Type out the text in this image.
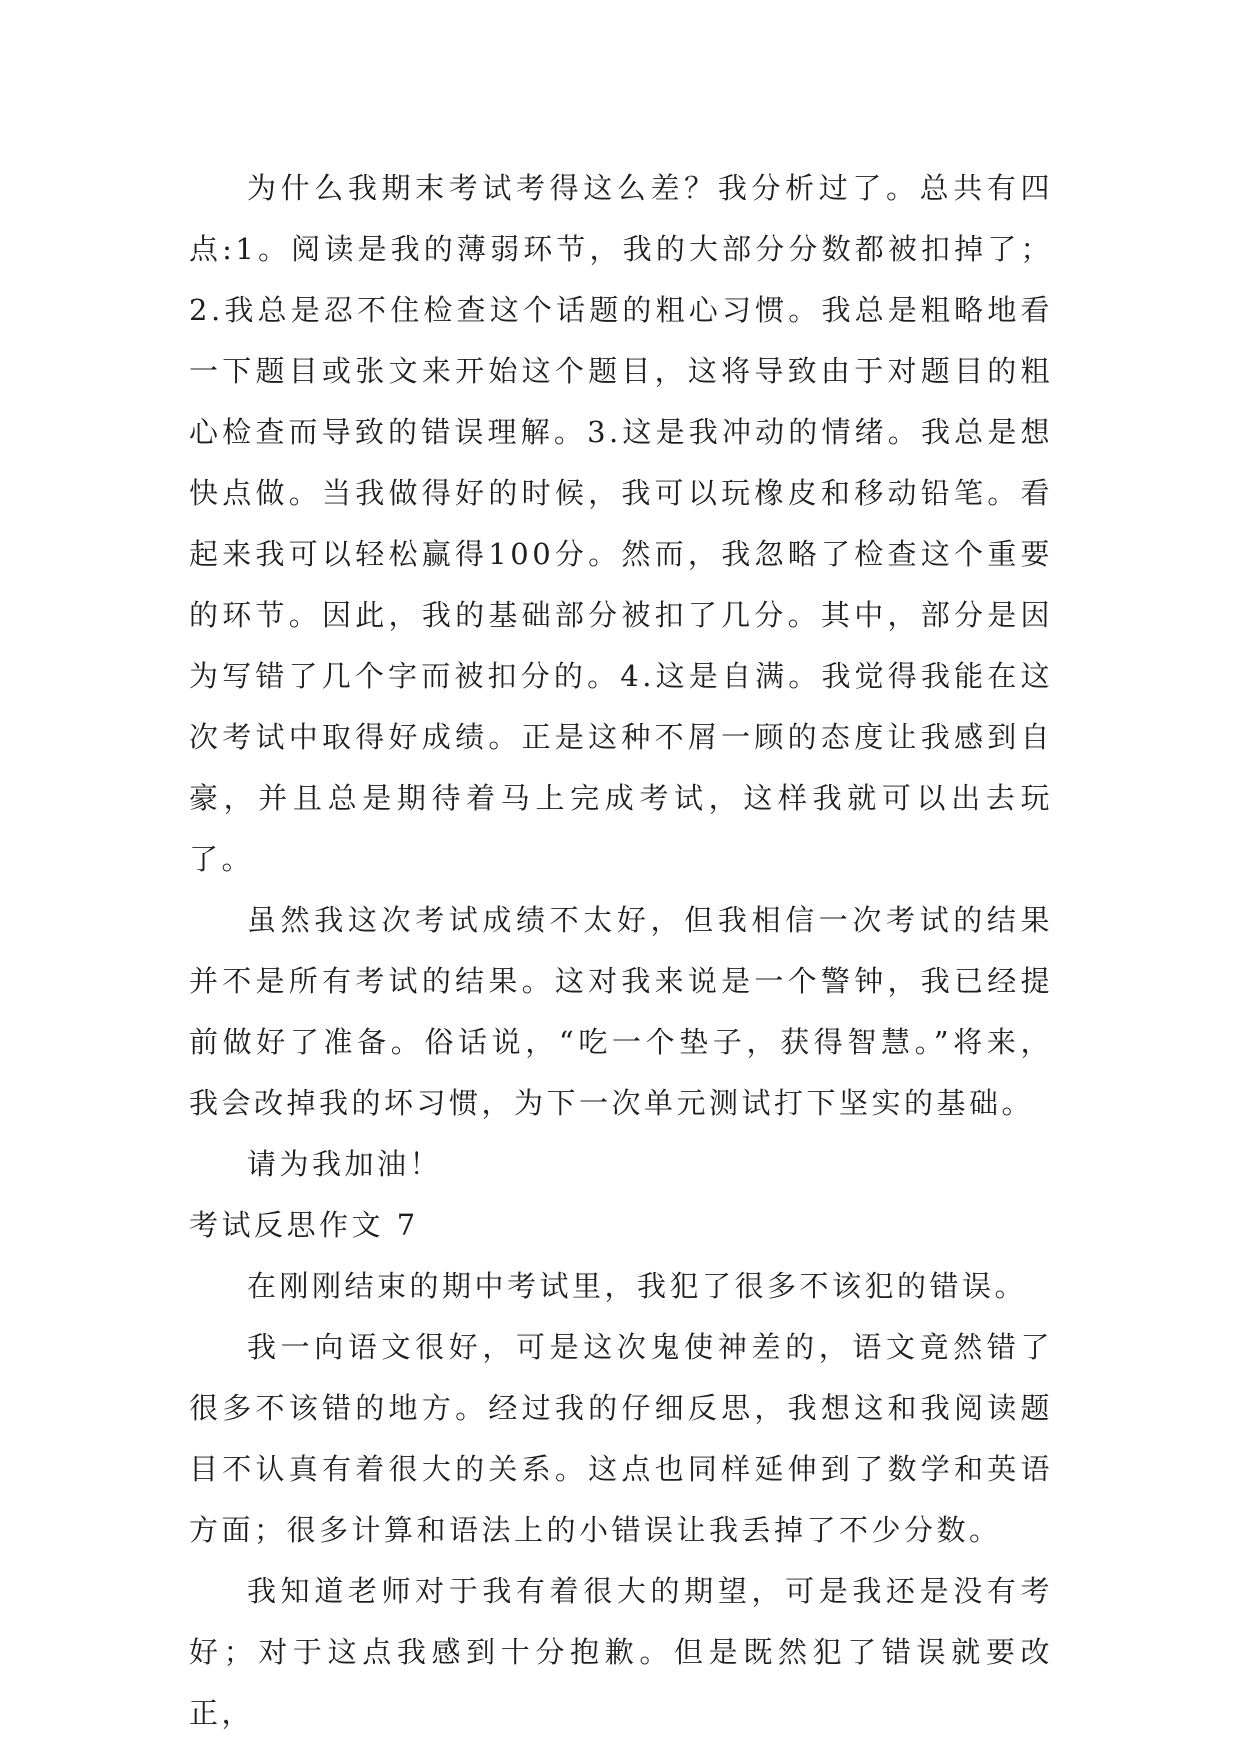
为什么我期末考试考得这么差？我分析过了。总共有四点:1。阅读是我的薄弱环节，我的大部分分数都被扣掉了；2.我总是忍不住检查这个话题的粗心习惯。我总是粗略地看一下题目或张文来开始这个题目，这将导致由于对题目的粗心检查而导致的错误理解。3.这是我冲动的情绪。我总是想快点做。当我做得好的时候，我可以玩橡皮和移动铅笔。看起来我可以轻松赢得100分。然而，我忽略了检查这个重要的环节。因此，我的基础部分被扣了几分。其中，部分是因为写错了几个字而被扣分的。4.这是自满。我觉得我能在这次考试中取得好成绩。正是这种不屑一顾的态度让我感到自豪，并且总是期待着马上完成考试，这样我就可以出去玩了。

虽然我这次考试成绩不太好，但我相信一次考试的结果并不是所有考试的结果。这对我来说是一个警钟，我已经提前做好了准备。俗话说，“吃一个垫子，获得智慧。”将来，我会改掉我的坏习惯，为下一次单元测试打下坚实的基础。

请为我加油！

考试反思作文 7

在刚刚结束的期中考试里，我犯了很多不该犯的错误。

我一向语文很好，可是这次鬼使神差的，语文竟然错了很多不该错的地方。经过我的仔细反思，我想这和我阅读题目不认真有着很大的关系。这点也同样延伸到了数学和英语方面；很多计算和语法上的小错误让我丢掉了不少分数。

我知道老师对于我有着很大的期望，可是我还是没有考好；对于这点我感到十分抱歉。但是既然犯了错误就要改正，
